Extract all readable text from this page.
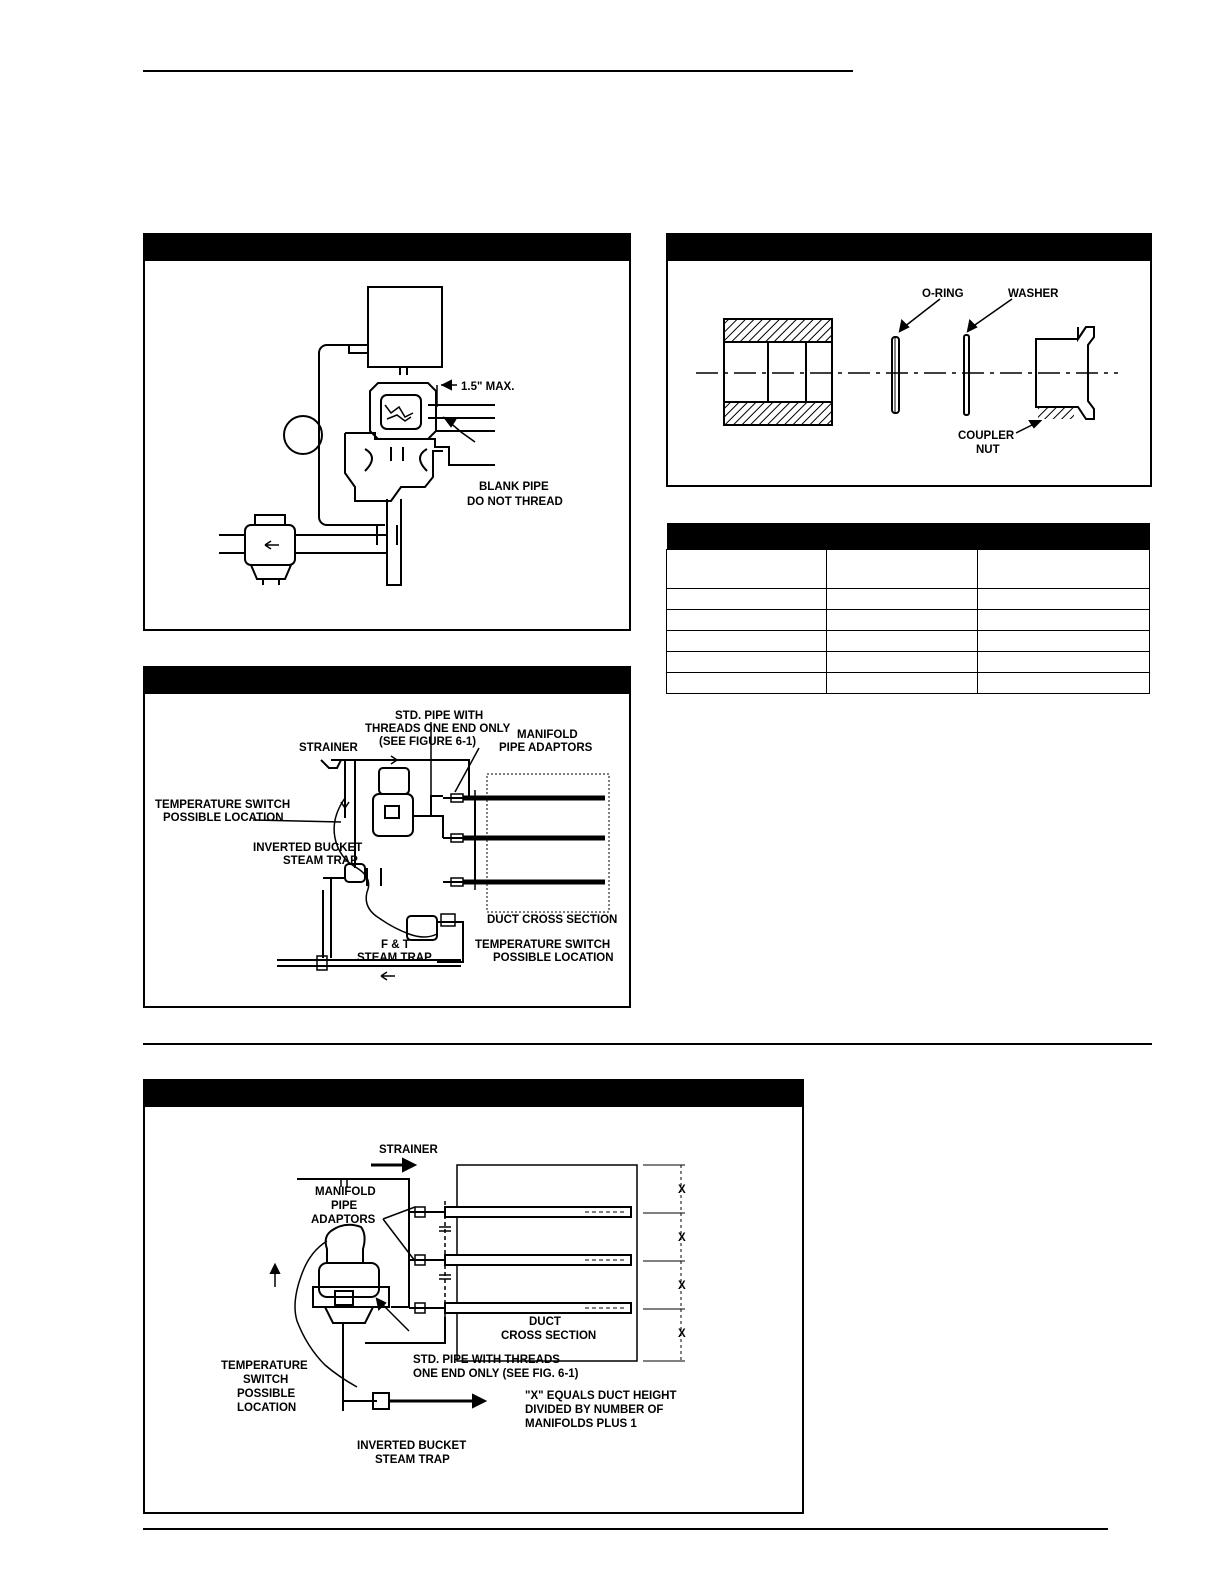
1.5" MAX.
BLANK PIPE
DO NOT THREAD
O-RING	WASHER
COUPLER
NUT

STD. PIPE WITH
THREADS ONE END ONLY
(SEE FIGURE 6-1)
MANIFOLD
PIPE ADAPTORS
STRAINER
TEMPERATURE SWITCH
POSSIBLE LOCATION
INVERTED BUCKET
STEAM TRAP
DUCT CROSS SECTION
TEMPERATURE SWITCH
POSSIBLE LOCATION
F & T
STEAM TRAP
STRAINER
MANIFOLD
PIPE
ADAPTORS
DUCT
CROSS SECTION
X
X
X
X
TEMPERATURE
SWITCH
POSSIBLE
LOCATION
STD. PIPE WITH THREADS
ONE END ONLY (SEE FIG. 6-1)
"X" EQUALS DUCT HEIGHT
DIVIDED BY NUMBER OF
MANIFOLDS PLUS 1
INVERTED BUCKET
STEAM TRAP
